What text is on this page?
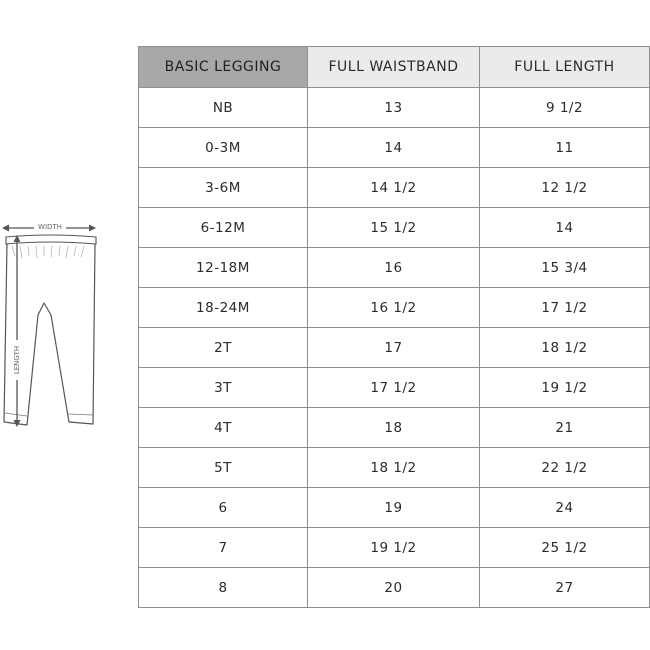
WIDTH
LENGTH
BASIC LEGGING	FULL WAISTBAND	FULL LENGTH
NB	13	9 1/2
0-3M	14	11
3-6M	14 1/2	12 1/2
6-12M	15 1/2	14
12-18M	16	15 3/4
18-24M	16 1/2	17 1/2
2T	17	18 1/2
3T	17 1/2	19 1/2
4T	18	21
5T	18 1/2	22 1/2
6	19	24
7	19 1/2	25 1/2
8	20	27
